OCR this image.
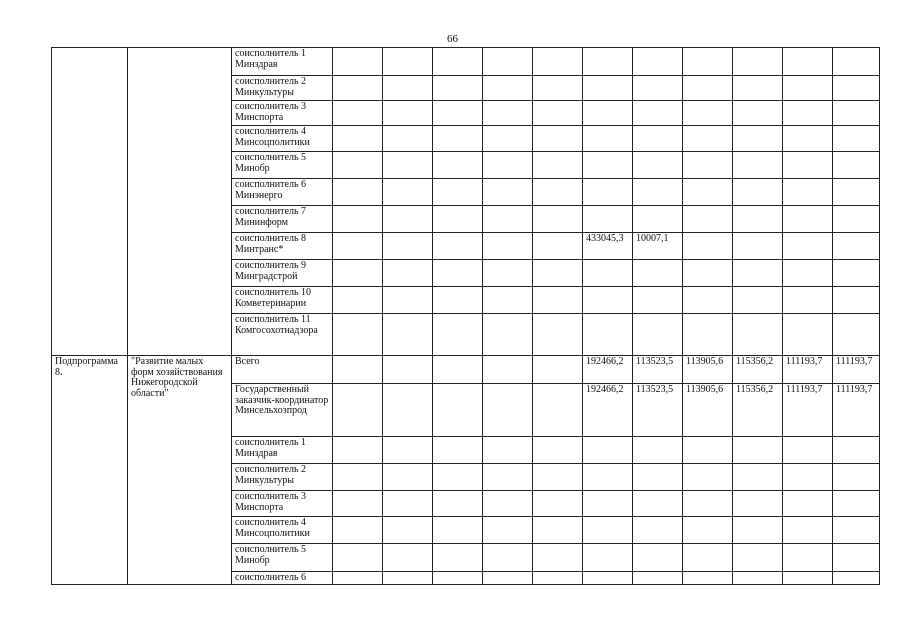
66
		соисполнитель 1 Минздрав											
		соисполнитель 2 Минкультуры											
		соисполнитель 3 Минспорта											
		соисполнитель 4 Минсоцполитики											
		соисполнитель 5 Минобр											
		соисполнитель 6 Минэнерго											
		соисполнитель 7 Мининформ											
		соисполнитель 8 Минтранс*						433045,3	10007,1				
		соисполнитель 9 Минградстрой											
		соисполнитель 10 Комветеринарии											
		соисполнитель 11 Комгосохотнадзора											
Подпрограмма 8.	"Развитие малых форм хозяйствования Нижегородской области"	Всего						192466,2	113523,5	113905,6	115356,2	111193,7	111193,7
		Государственный заказчик-координатор Минсельхозпрод						192466,2	113523,5	113905,6	115356,2	111193,7	111193,7
		соисполнитель 1 Минздрав											
		соисполнитель 2 Минкультуры											
		соисполнитель 3 Минспорта											
		соисполнитель 4 Минсоцполитики											
		соисполнитель 5 Минобр											
		соисполнитель 6											
